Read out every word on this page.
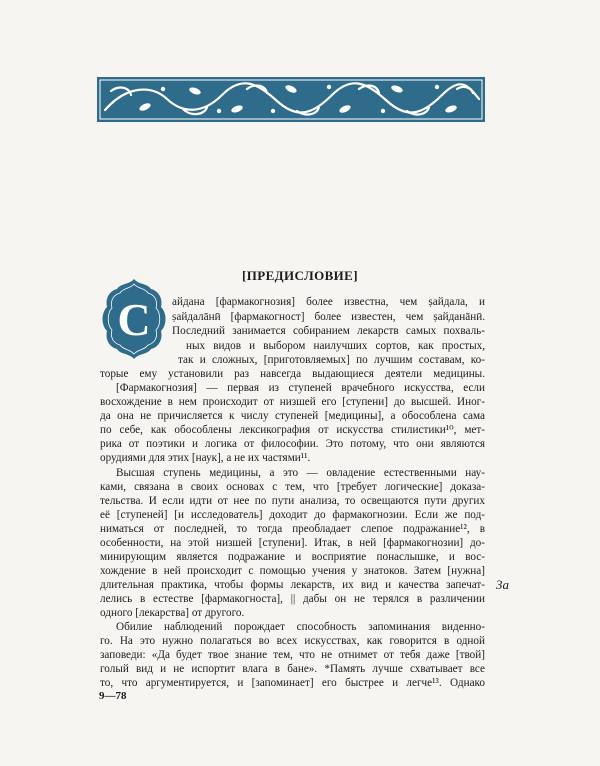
[ПРЕДИСЛОВИЕ]
С	айдана [фармакогнозия] более известна, чем ṣайдала, и
ṣайдалāнӣ [фармакогност] более известен, чем ṣайданāнӣ.
Последний занимается собиранием лекарств самых похваль-
ных видов и выбором наилучших сортов, как простых,
так и сложных, [приготовляемых] по лучшим составам, ко-
торые ему установили раз навсегда выдающиеся деятели медицины.
[Фармакогнозия] — первая из ступеней врачебного искусства, если
восхождение в нем происходит от низшей его [ступени] до высшей. Иног-
да она не причисляется к числу ступеней [медицины], а обособлена сама
по себе, как обособлены лексикография от искусства стилистики¹⁰, мет-
рика от поэтики и логика от философии. Это потому, что они являются
орудиями для этих [наук], а не их частями¹¹.
Высшая ступень медицины, а это — овладение естественными нау-
ками, связана в своих основах с тем, что [требует логические] доказа-
тельства. И если идти от нее по пути анализа, то освещаются пути других
её [ступеней] [и исследователь] доходит до фармакогнозии. Если же под-
ниматься от последней, то тогда преобладает слепое подражание¹², в
особенности, на этой низшей [ступени]. Итак, в ней [фармакогнозии] до-
минирующим является подражание и восприятие понаслышке, и вос-
хождение в ней происходит с помощью учения у знатоков. Затем [нужна]
длительная практика, чтобы формы лекарств, их вид и качества запечат-
лелись в естестве [фармакогноста], || дабы он не терялся в различении
одного [лекарства] от другого.
Обилие наблюдений порождает способность запоминания виденно-
го. На это нужно полагаться во всех искусствах, как говорится в одной
заповеди: «Да будет твое знание тем, что не отнимет от тебя даже [твой]
голый вид и не испортит влага в бане». *Память лучше схватывает все
то, что аргументируется, и [запоминает] его быстрее и легче¹³. Однако
3а
9—78
